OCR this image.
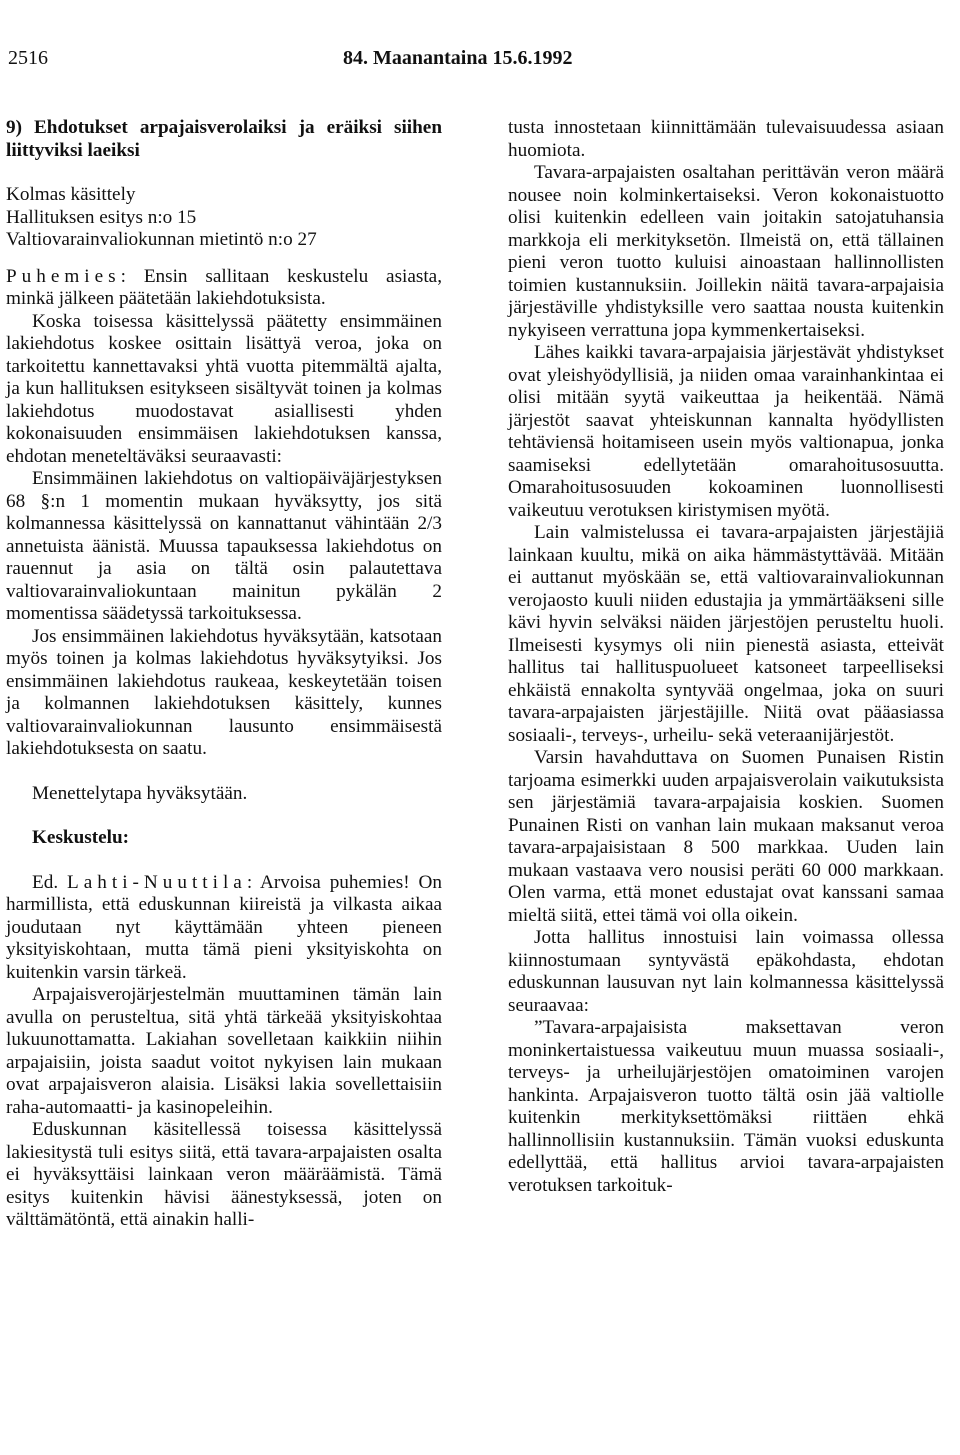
2516	84. Maanantaina 15.6.1992

9) Ehdotukset arpajaisverolaiksi ja eräiksi siihen liittyviksi laeiksi

Kolmas käsittely

Hallituksen esitys n:o 15

Valtiovarainvaliokunnan mietintö n:o 27

Puhemies: Ensin sallitaan keskustelu asiasta, minkä jälkeen päätetään lakiehdotuksista.

Koska toisessa käsittelyssä päätetty ensimmäinen lakiehdotus koskee osittain lisättyä veroa, joka on tarkoitettu kannettavaksi yhtä vuotta pitemmältä ajalta, ja kun hallituksen esitykseen sisältyvät toinen ja kolmas lakiehdotus muodostavat asiallisesti yhden kokonaisuuden ensimmäisen lakiehdotuksen kanssa, ehdotan meneteltäväksi seuraavasti:

Ensimmäinen lakiehdotus on valtiopäiväjärjestyksen 68 §:n 1 momentin mukaan hyväksytty, jos sitä kolmannessa käsittelyssä on kannattanut vähintään 2/3 annetuista äänistä. Muussa tapauksessa lakiehdotus on rauennut ja asia on tältä osin palautettava valtiovarainvaliokuntaan mainitun pykälän 2 momentissa säädetyssä tarkoituksessa.

Jos ensimmäinen lakiehdotus hyväksytään, katsotaan myös toinen ja kolmas lakiehdotus hyväksytyiksi. Jos ensimmäinen lakiehdotus raukeaa, keskeytetään toisen ja kolmannen lakiehdotuksen käsittely, kunnes valtiovarainvaliokunnan lausunto ensimmäisestä lakiehdotuksesta on saatu.

Menettelytapa hyväksytään.

Keskustelu:

Ed. Lahti-Nuuttila: Arvoisa puhemies! On harmillista, että eduskunnan kiireistä ja vilkasta aikaa joudutaan nyt käyttämään yhteen pieneen yksityiskohtaan, mutta tämä pieni yksityiskohta on kuitenkin varsin tärkeä.

Arpajaisverojärjestelmän muuttaminen tämän lain avulla on perusteltua, sitä yhtä tärkeää yksityiskohtaa lukuunottamatta. Lakiahan sovelletaan kaikkiin niihin arpajaisiin, joista saadut voitot nykyisen lain mukaan ovat arpajaisveron alaisia. Lisäksi lakia sovellettaisiin raha-automaatti- ja kasinopeleihin.

Eduskunnan käsitellessä toisessa käsittelyssä lakiesitystä tuli esitys siitä, että tavara-arpajaisten osalta ei hyväksyttäisi lainkaan veron määräämistä. Tämä esitys kuitenkin hävisi äänestyksessä, joten on välttämätöntä, että ainakin halli-

tusta innostetaan kiinnittämään tulevaisuudessa asiaan huomiota.

Tavara-arpajaisten osaltahan perittävän veron määrä nousee noin kolminkertaiseksi. Veron kokonaistuotto olisi kuitenkin edelleen vain joitakin satojatuhansia markkoja eli merkityksetön. Ilmeistä on, että tällainen pieni veron tuotto kuluisi ainoastaan hallinnollisten toimien kustannuksiin. Joillekin näitä tavara-arpajaisia järjestäville yhdistyksille vero saattaa nousta kuitenkin nykyiseen verrattuna jopa kymmenkertaiseksi.

Lähes kaikki tavara-arpajaisia järjestävät yhdistykset ovat yleishyödyllisiä, ja niiden omaa varainhankintaa ei olisi mitään syytä vaikeuttaa ja heikentää. Nämä järjestöt saavat yhteiskunnan kannalta hyödyllisten tehtäviensä hoitamiseen usein myös valtionapua, jonka saamiseksi edellytetään omarahoitusosuutta. Omarahoitusosuuden kokoaminen luonnollisesti vaikeutuu verotuksen kiristymisen myötä.

Lain valmistelussa ei tavara-arpajaisten järjestäjiä lainkaan kuultu, mikä on aika hämmästyttävää. Mitään ei auttanut myöskään se, että valtiovarainvaliokunnan verojaosto kuuli niiden edustajia ja ymmärtääkseni sille kävi hyvin selväksi näiden järjestöjen perusteltu huoli. Ilmeisesti kysymys oli niin pienestä asiasta, etteivät hallitus tai hallituspuolueet katsoneet tarpeelliseksi ehkäistä ennakolta syntyvää ongelmaa, joka on suuri tavara-arpajaisten järjestäjille. Niitä ovat pääasiassa sosiaali-, terveys-, urheilu- sekä veteraanijärjestöt.

Varsin havahduttava on Suomen Punaisen Ristin tarjoama esimerkki uuden arpajaisverolain vaikutuksista sen järjestämiä tavara-arpajaisia koskien. Suomen Punainen Risti on vanhan lain mukaan maksanut veroa tavara-arpajaisistaan 8 500 markkaa. Uuden lain mukaan vastaava vero nousisi peräti 60 000 markkaan. Olen varma, että monet edustajat ovat kanssani samaa mieltä siitä, ettei tämä voi olla oikein.

Jotta hallitus innostuisi lain voimassa ollessa kiinnostumaan syntyvästä epäkohdasta, ehdotan eduskunnan lausuvan nyt lain kolmannessa käsittelyssä seuraavaa:

”Tavara-arpajaisista maksettavan veron moninkertaistuessa vaikeutuu muun muassa sosiaali-, terveys- ja urheilujärjestöjen omatoiminen varojen hankinta. Arpajaisveron tuotto tältä osin jää valtiolle kuitenkin merkityksettömäksi riittäen ehkä hallinnollisiin kustannuksiin. Tämän vuoksi eduskunta edellyttää, että hallitus arvioi tavara-arpajaisten verotuksen tarkoituk-
